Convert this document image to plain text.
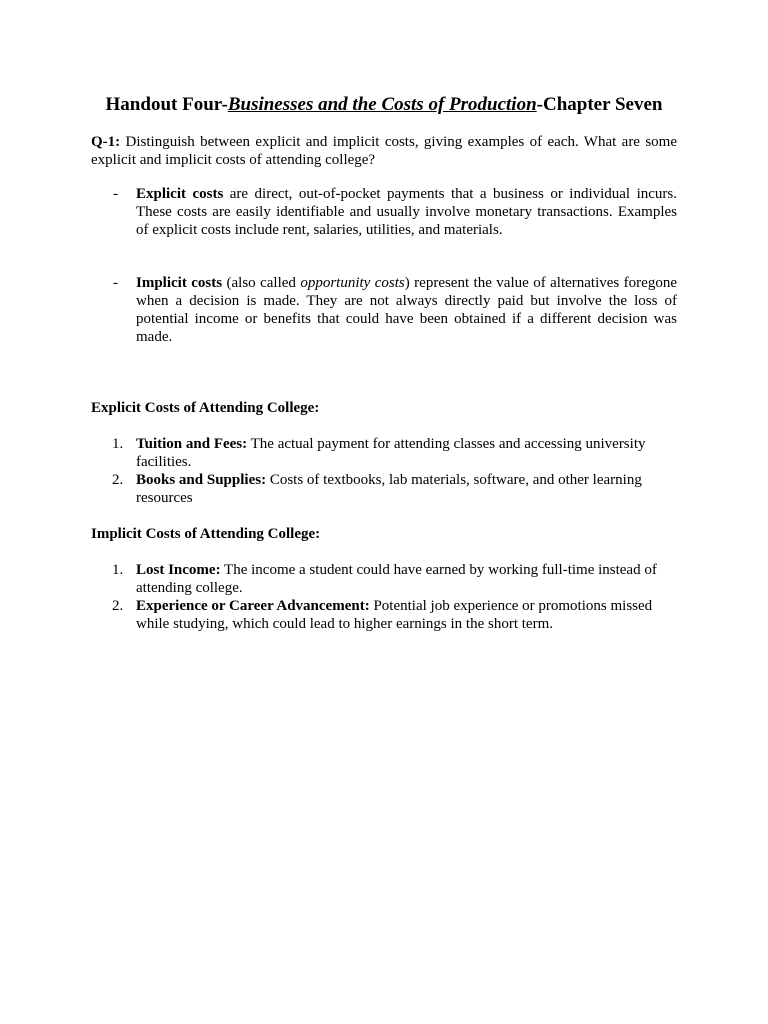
Handout Four-Businesses and the Costs of Production-Chapter Seven
Q-1: Distinguish between explicit and implicit costs, giving examples of each. What are some explicit and implicit costs of attending college?
- Explicit costs are direct, out-of-pocket payments that a business or individual incurs. These costs are easily identifiable and usually involve monetary transactions. Examples of explicit costs include rent, salaries, utilities, and materials.
- Implicit costs (also called opportunity costs) represent the value of alternatives foregone when a decision is made. They are not always directly paid but involve the loss of potential income or benefits that could have been obtained if a different decision was made.
Explicit Costs of Attending College:
1. Tuition and Fees: The actual payment for attending classes and accessing university facilities.
2. Books and Supplies: Costs of textbooks, lab materials, software, and other learning resources
Implicit Costs of Attending College:
1. Lost Income: The income a student could have earned by working full-time instead of attending college.
2. Experience or Career Advancement: Potential job experience or promotions missed while studying, which could lead to higher earnings in the short term.
